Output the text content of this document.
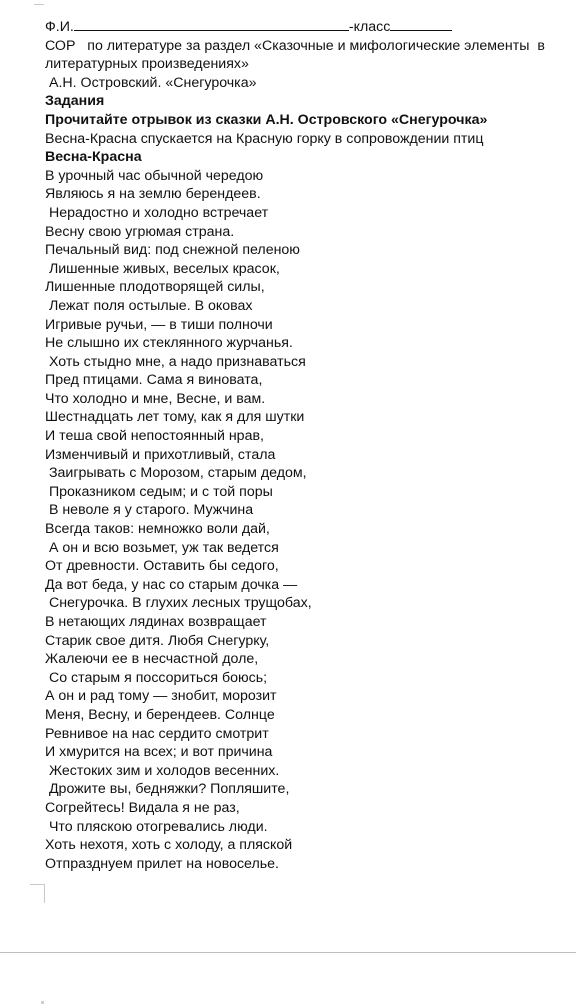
Ф.И.	-класс

СОР   по литературе за раздел «Сказочные и мифологические элементы  в

литературных произведениях»

А.Н. Островский. «Снегурочка»

Задания

Прочитайте отрывок из сказки А.Н. Островского «Снегурочка»

Весна-Красна спускается на Красную горку в сопровождении птиц

Весна-Красна

В урочный час обычной чередою

Являюсь я на землю берендеев.

Нерадостно и холодно встречает

Весну свою угрюмая страна.

Печальный вид: под снежной пеленою

Лишенные живых, веселых красок,

Лишенные плодотворящей силы,

Лежат поля остылые. В оковах

Игривые ручьи, — в тиши полночи

Не слышно их стеклянного журчанья.

Хоть стыдно мне, а надо признаваться

Пред птицами. Сама я виновата,

Что холодно и мне, Весне, и вам.

Шестнадцать лет тому, как я для шутки

И теша свой непостоянный нрав,

Изменчивый и прихотливый, стала

Заигрывать с Морозом, старым дедом,

Проказником седым; и с той поры

В неволе я у старого. Мужчина

Всегда таков: немножко воли дай,

А он и всю возьмет, уж так ведется

От древности. Оставить бы седого,

Да вот беда, у нас со старым дочка —

Снегурочка. В глухих лесных трущобах,

В нетающих лядинах возвращает

Старик свое дитя. Любя Снегурку,

Жалеючи ее в несчастной доле,

Со старым я поссориться боюсь;

А он и рад тому — знобит, морозит

Меня, Весну, и берендеев. Солнце

Ревнивое на нас сердито смотрит

И хмурится на всех; и вот причина

Жестоких зим и холодов весенних.

Дрожите вы, бедняжки? Попляшите,

Согрейтесь! Видала я не раз,

Что пляскою отогревались люди.

Хоть нехотя, хоть с холоду, а пляской

Отпразднуем прилет на новоселье.
